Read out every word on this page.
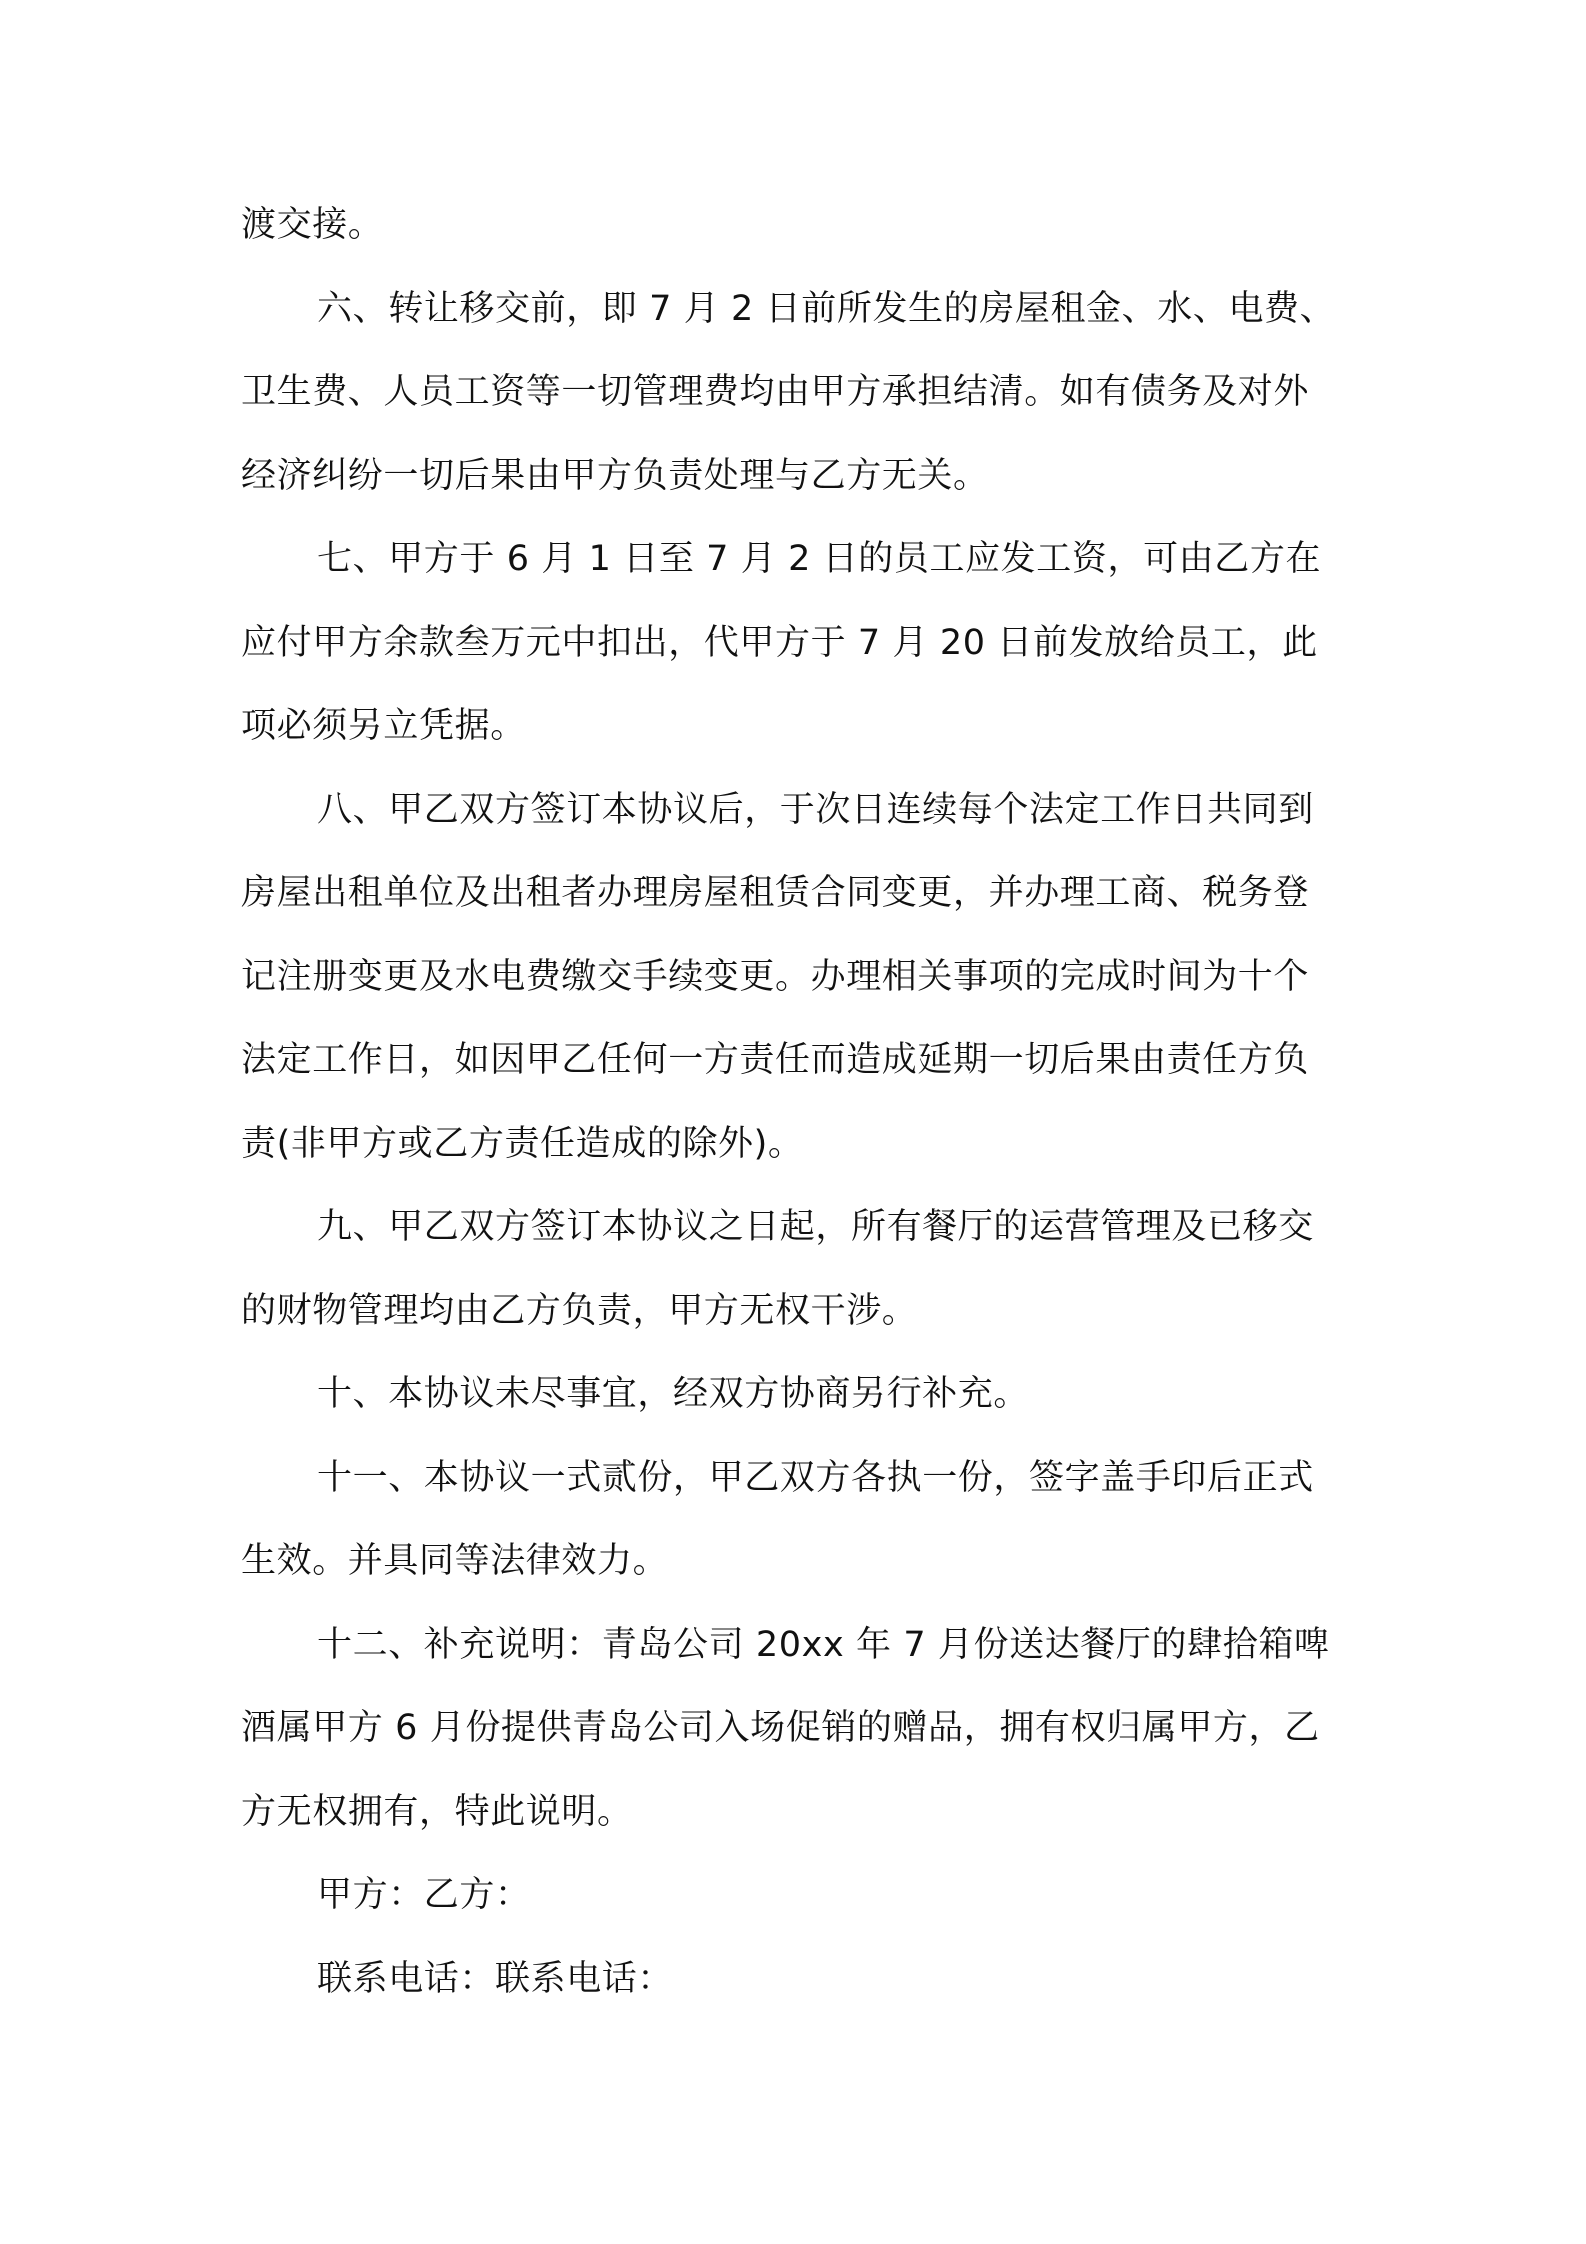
渡交接。
六、转让移交前，即 7 月 2 日前所发生的房屋租金、水、电费、
卫生费、人员工资等一切管理费均由甲方承担结清。如有债务及对外
经济纠纷一切后果由甲方负责处理与乙方无关。
七、甲方于 6 月 1 日至 7 月 2 日的员工应发工资，可由乙方在
应付甲方余款叁万元中扣出，代甲方于 7 月 20 日前发放给员工，此
项必须另立凭据。
八、甲乙双方签订本协议后，于次日连续每个法定工作日共同到
房屋出租单位及出租者办理房屋租赁合同变更，并办理工商、税务登
记注册变更及水电费缴交手续变更。办理相关事项的完成时间为十个
法定工作日，如因甲乙任何一方责任而造成延期一切后果由责任方负
责(非甲方或乙方责任造成的除外)。
九、甲乙双方签订本协议之日起，所有餐厅的运营管理及已移交
的财物管理均由乙方负责，甲方无权干涉。
十、本协议未尽事宜，经双方协商另行补充。
十一、本协议一式贰份，甲乙双方各执一份，签字盖手印后正式
生效。并具同等法律效力。
十二、补充说明：青岛公司 20xx 年 7 月份送达餐厅的肆拾箱啤
酒属甲方 6 月份提供青岛公司入场促销的赠品，拥有权归属甲方，乙
方无权拥有，特此说明。
甲方：乙方：
联系电话：联系电话：
